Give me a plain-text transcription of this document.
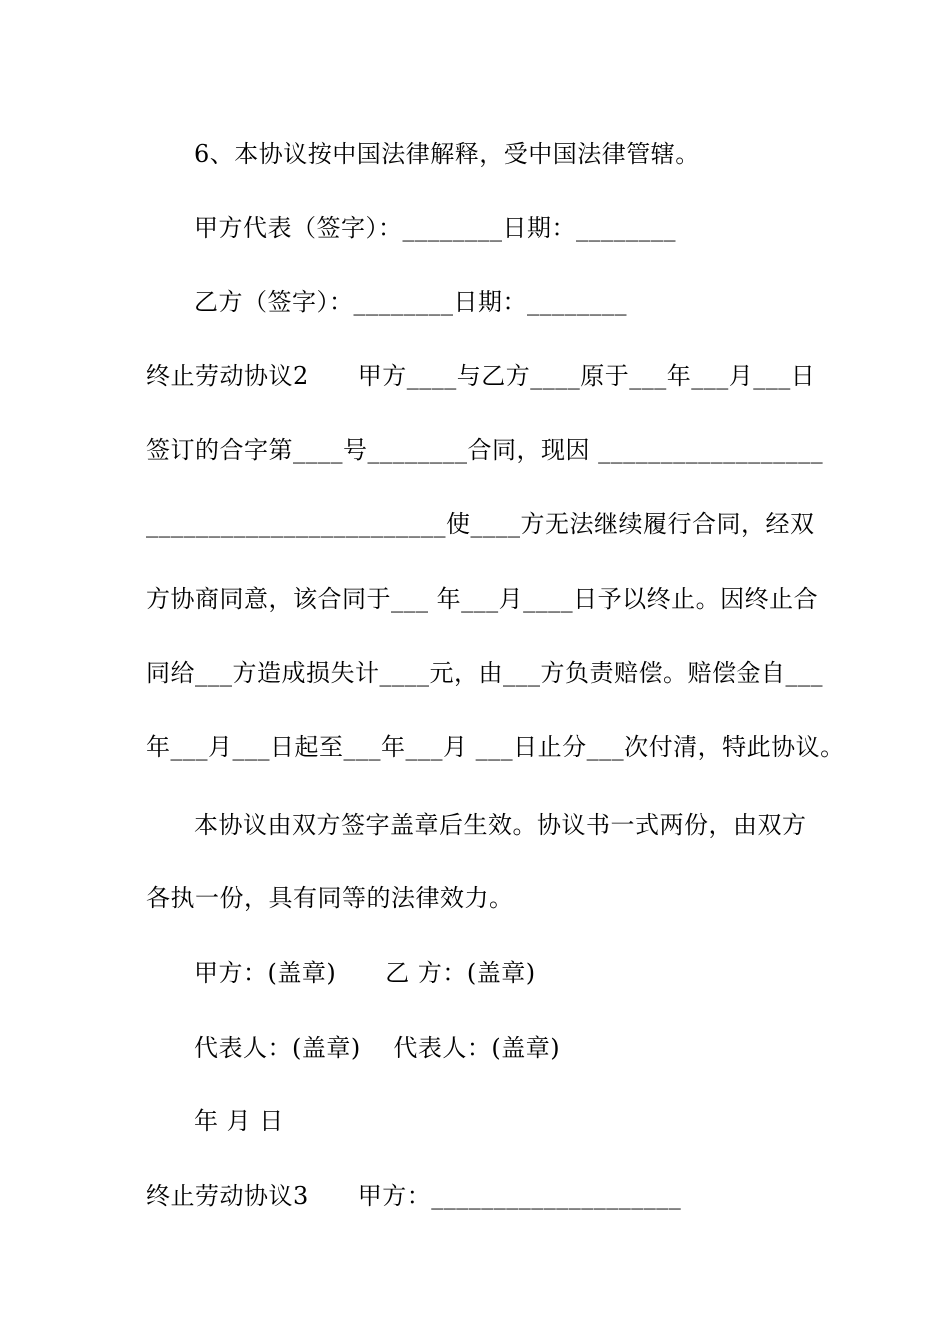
6、本协议按中国法律解释，受中国法律管辖。
甲方代表（签字）：________日期：________
乙方（签字）：________日期：________
终止劳动协议2　　甲方____与乙方____原于___年___月___日
签订的合字第____号________合同，现因 __________________
________________________使____方无法继续履行合同，经双
方协商同意，该合同于___ 年___月____日予以终止。因终止合
同给___方造成损失计____元，由___方负责赔偿。赔偿金自___
年___月___日起至___年___月 ___日止分___次付清，特此协议。
本协议由双方签字盖章后生效。协议书一式两份，由双方
各执一份，具有同等的法律效力。
甲方：(盖章)　　乙 方：(盖章)
代表人：(盖章)　 代表人：(盖章)
年 月 日
终止劳动协议3　　甲方：____________________
